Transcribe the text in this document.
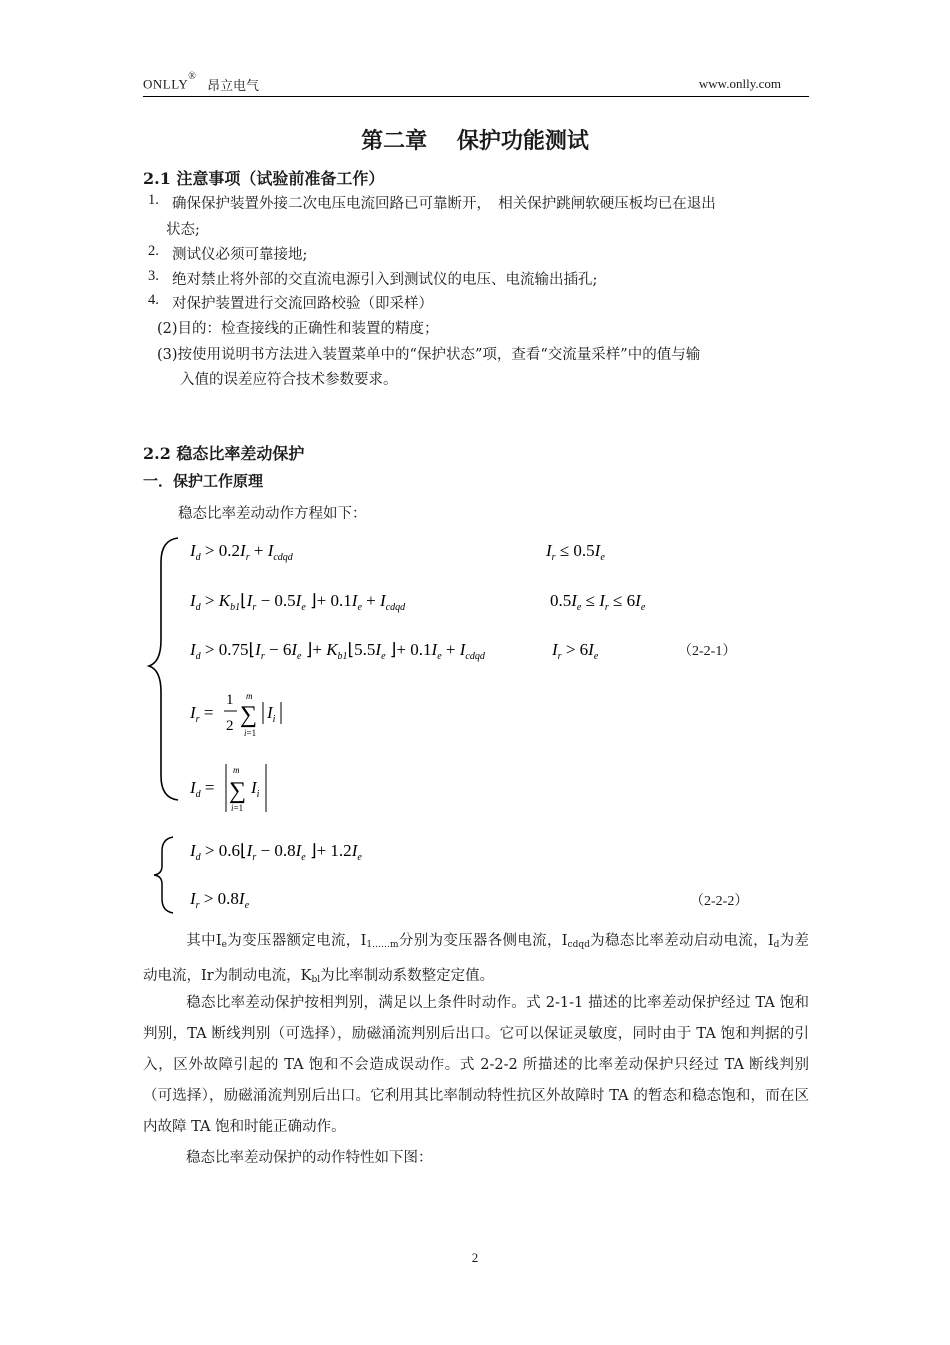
ONLLY®
昂立电气	www.onlly.com
第二章　 保护功能测试
2.1 注意事项（试验前准备工作）
1. 确保保护装置外接二次电压电流回路已可靠断开，　相关保护跳闸软硬压板均已在退出
状态;
2. 测试仪必须可靠接地;
3. 绝对禁止将外部的交直流电源引入到测试仪的电压、电流输出插孔;
4. 对保护装置进行交流回路校验（即采样）
(2)目的：检查接线的正确性和装置的精度；
(3)按使用说明书方法进入装置菜单中的“保护状态”项，查看“交流量采样”中的值与输
入值的误差应符合技术参数要求。
2.2 稳态比率差动保护
一．保护工作原理
稳态比率差动动作方程如下：
$I_d > 0.2I_r + I_{cdqd}$	$I_r \le 0.5I_e$
$I_d$ > $K_{b1}⌊I_r - 0.5I_e$ ⌋+ $0.1I_e + I_{cdqd}$	$0.5I_e \le I_r \le 6I_e$
$I_d$ > $0.75⌊I_r - 6I_e$ ⌋+ $K_{b1}⌊5.5I_e$ ⌋+ $0.1I_e + I_{cdqd}$	$I_r > 6I_e$
$I_r$ =
1
2
m
∑
i=1
$I_i$
$I_d$ =
m
∑
i=1
$I_i$
$I_d$ > $0.6⌊I_r - 0.8I_e$ ⌋+ $1.2I_e$
$I_r > 0.8I_e$
（2-2-1）
（2-2-2）
其中$I_e$为变压器额定电流，$I_{1\dots\dots m}$分别为变压器各侧电流，$I_{cdqd}$为稳态比率差动启动电流，$I_d$为差动电流，Ir为制动电流，$K_{bl}$为比率制动系数整定定值。
稳态比率差动保护按相判别，满足以上条件时动作。式 2-1-1 描述的比率差动保护经过 TA 饱和判别，TA 断线判别（可选择），励磁涌流判别后出口。它可以保证灵敏度，同时由于 TA 饱和判据的引入，区外故障引起的 TA 饱和不会造成误动作。式 2-2-2 所描述的比率差动保护只经过 TA 断线判别（可选择），励磁涌流判别后出口。它利用其比率制动特性抗区外故障时 TA 的暂态和稳态饱和，而在区内故障 TA 饱和时能正确动作。
稳态比率差动保护的动作特性如下图：
2
